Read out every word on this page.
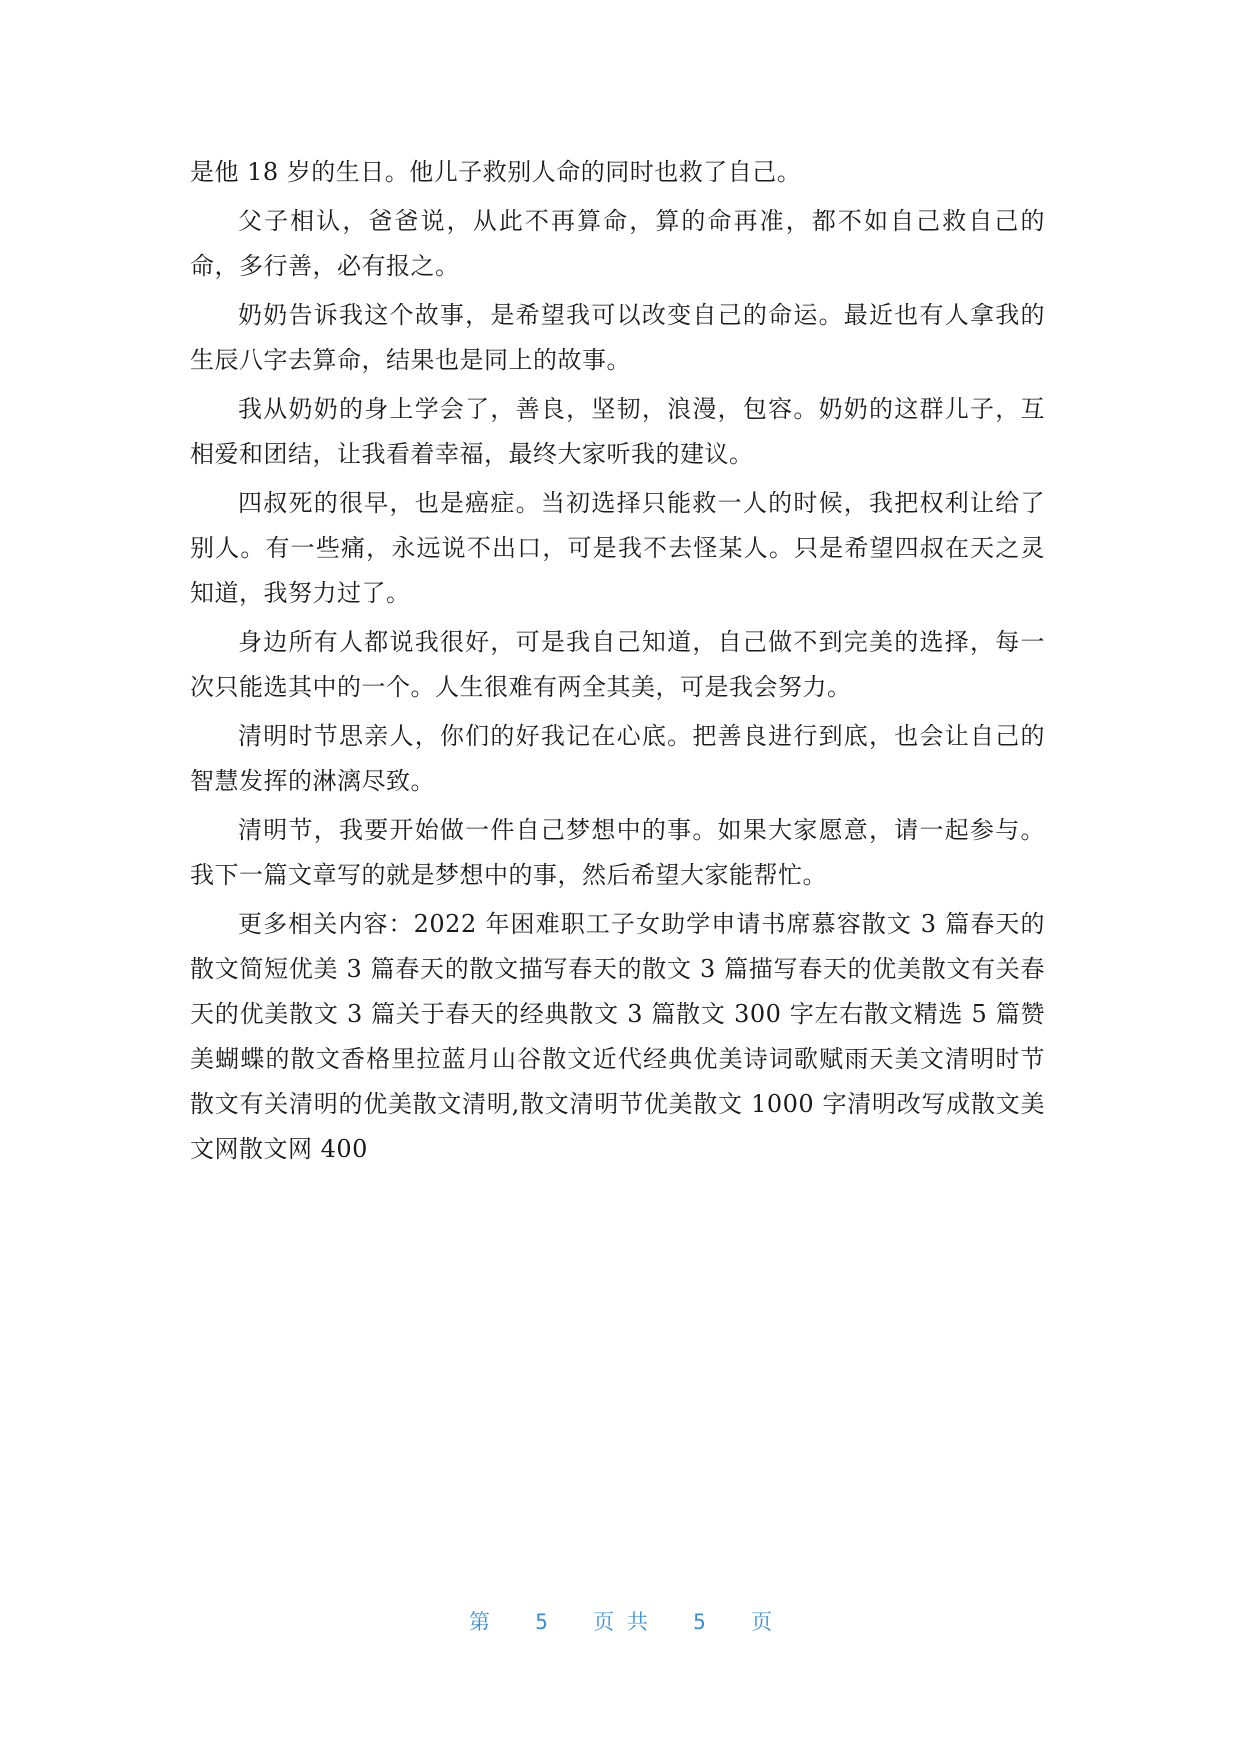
是他 18 岁的生日。他儿子救别人命的同时也救了自己。

父子相认，爸爸说，从此不再算命，算的命再准，都不如自己救自己的命，多行善，必有报之。

奶奶告诉我这个故事，是希望我可以改变自己的命运。最近也有人拿我的生辰八字去算命，结果也是同上的故事。

我从奶奶的身上学会了，善良，坚韧，浪漫，包容。奶奶的这群儿子，互相爱和团结，让我看着幸福，最终大家听我的建议。

四叔死的很早，也是癌症。当初选择只能救一人的时候，我把权利让给了别人。有一些痛，永远说不出口，可是我不去怪某人。只是希望四叔在天之灵知道，我努力过了。

身边所有人都说我很好，可是我自己知道，自己做不到完美的选择，每一次只能选其中的一个。人生很难有两全其美，可是我会努力。

清明时节思亲人，你们的好我记在心底。把善良进行到底，也会让自己的智慧发挥的淋漓尽致。

清明节，我要开始做一件自己梦想中的事。如果大家愿意，请一起参与。我下一篇文章写的就是梦想中的事，然后希望大家能帮忙。

更多相关内容：2022 年困难职工子女助学申请书席慕容散文 3 篇春天的散文简短优美 3 篇春天的散文描写春天的散文 3 篇描写春天的优美散文有关春天的优美散文 3 篇关于春天的经典散文 3 篇散文 300 字左右散文精选 5 篇赞美蝴蝶的散文香格里拉蓝月山谷散文近代经典优美诗词歌赋雨天美文清明时节散文有关清明的优美散文清明,散文清明节优美散文 1000 字清明改写成散文美文网散文网 400

第 5 页 共 5 页
